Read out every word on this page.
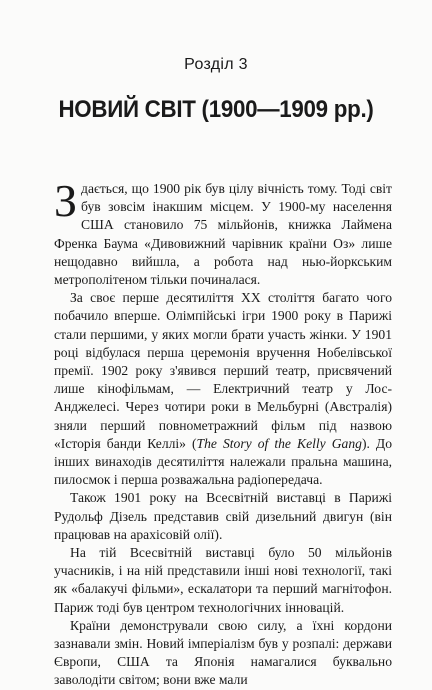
Розділ 3
НОВИЙ СВІТ (1900—1909 рр.)

Здається, що 1900 рік був цілу вічність тому. Тоді світ був зовсім інакшим місцем. У 1900-му населення США становило 75 мільйонів, книжка Лаймена Френка Баума «Дивовижний чарівник країни Оз» лише нещодавно вийшла, а робота над нью-йоркським метрополітеном тільки починалася.

За своє перше десятиліття XX століття багато чого побачило вперше. Олімпійські ігри 1900 року в Парижі стали першими, у яких могли брати участь жінки. У 1901 році відбулася перша церемонія вручення Нобелівської премії. 1902 року з'явився перший театр, присвячений лише кінофільмам, — Електричний театр у Лос-Анджелесі. Через чотири роки в Мельбурні (Австралія) зняли перший повнометражний фільм під назвою «Історія банди Келлі» (The Story of the Kelly Gang). До інших винаходів десятиліття належали пральна машина, пилосмок і перша розважальна радіопередача.

Також 1901 року на Всесвітній виставці в Парижі Рудольф Дізель представив свій дизельний двигун (він працював на арахісовій олії).

На тій Всесвітній виставці було 50 мільйонів учасників, і на ній представили інші нові технології, такі як «балакучі фільми», ескалатори та перший магнітофон. Париж тоді був центром технологічних інновацій.

Країни демонстрували свою силу, а їхні кордони зазнавали змін. Новий імперіалізм був у розпалі: держави Європи, США та Японія намагалися буквально заволодіти світом; вони вже мали
